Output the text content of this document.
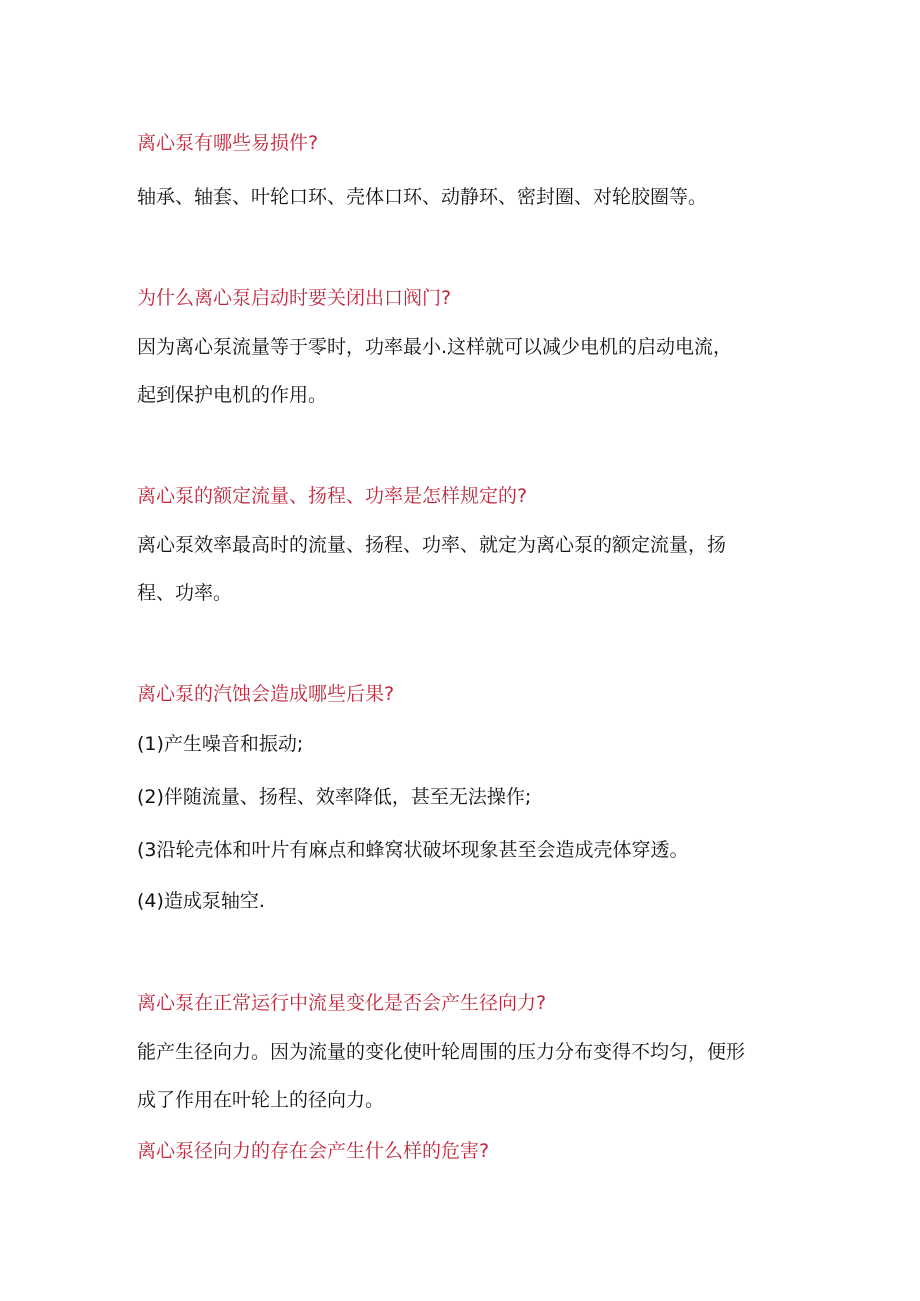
离心泵有哪些易损件?
轴承、轴套、叶轮口环、壳体口环、动静环、密封圈、对轮胶圈等。
为什么离心泵启动时要关闭出口阀门?
因为离心泵流量等于零时，功率最小.这样就可以减少电机的启动电流，
起到保护电机的作用。
离心泵的额定流量、扬程、功率是怎样规定的?
离心泵效率最高时的流量、扬程、功率、就定为离心泵的额定流量，扬
程、功率。
离心泵的汽蚀会造成哪些后果?
(1)产生噪音和振动;
(2)伴随流量、扬程、效率降低，甚至无法操作;
(3沿轮壳体和叶片有麻点和蜂窝状破坏现象甚至会造成壳体穿透。
(4)造成泵轴空.
离心泵在正常运行中流星变化是否会产生径向力?
能产生径向力。因为流量的变化使叶轮周围的压力分布变得不均匀，便形
成了作用在叶轮上的径向力。
离心泵径向力的存在会产生什么样的危害?
